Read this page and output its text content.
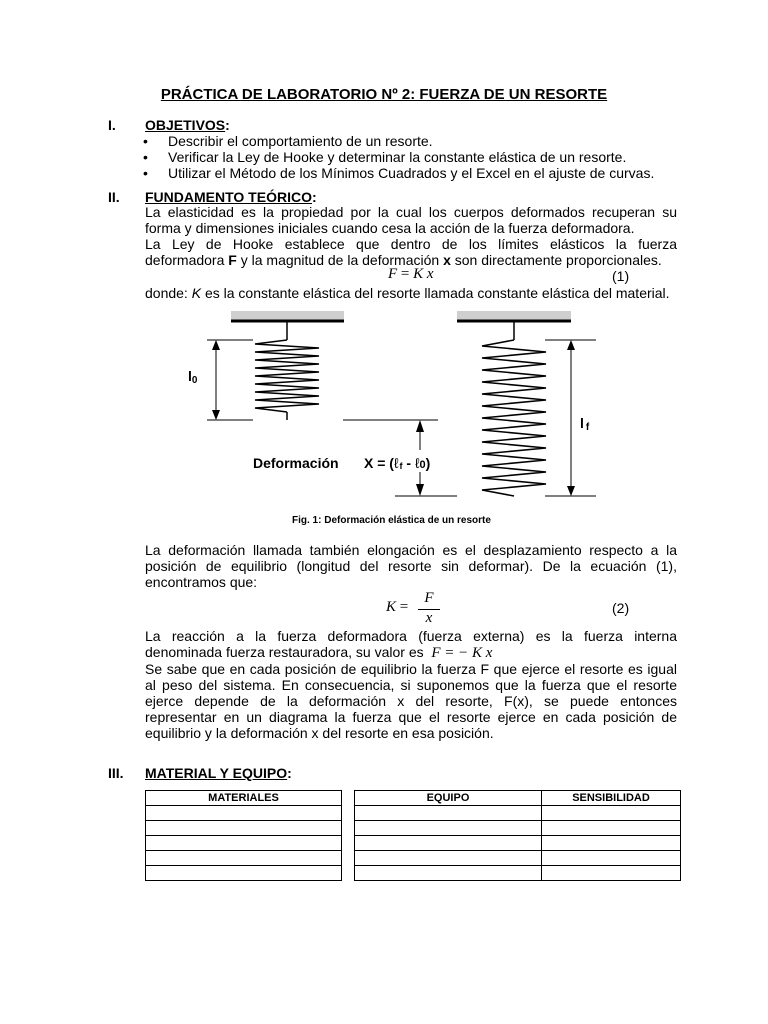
PRÁCTICA DE LABORATORIO Nº 2: FUERZA DE UN RESORTE
I. OBJETIVOS:
• Describir el comportamiento de un resorte.
• Verificar la Ley de Hooke y determinar la constante elástica de un resorte.
• Utilizar el Método de los Mínimos Cuadrados y el Excel en el ajuste de curvas.
II. FUNDAMENTO TEÓRICO:
La elasticidad es la propiedad por la cual los cuerpos deformados recuperan su
forma y dimensiones iniciales cuando cesa la acción de la fuerza deformadora.
La Ley de Hooke establece que dentro de los límites elásticos la fuerza
deformadora F y la magnitud de la deformación x son directamente proporcionales.
F = K x	(1)
donde: K es la constante elástica del resorte llamada constante elástica del material.
l0
l f
Deformación X = (ℓf - ℓ0)
Fig. 1: Deformación elástica de un resorte
La deformación llamada también elongación es el desplazamiento respecto a la
posición de equilibrio (longitud del resorte sin deformar). De la ecuación (1),
encontramos que:
K =
F
x
(2)
La reacción a la fuerza deformadora (fuerza externa) es la fuerza interna
denominada fuerza restauradora, su valor es F = − K x
Se sabe que en cada posición de equilibrio la fuerza F que ejerce el resorte es igual
al peso del sistema. En consecuencia, si suponemos que la fuerza que el resorte
ejerce depende de la deformación x del resorte, F(x), se puede entonces
representar en un diagrama la fuerza que el resorte ejerce en cada posición de
equilibrio y la deformación x del resorte en esa posición.
III. MATERIAL Y EQUIPO:
MATERIALES	EQUIPO	SENSIBILIDAD
